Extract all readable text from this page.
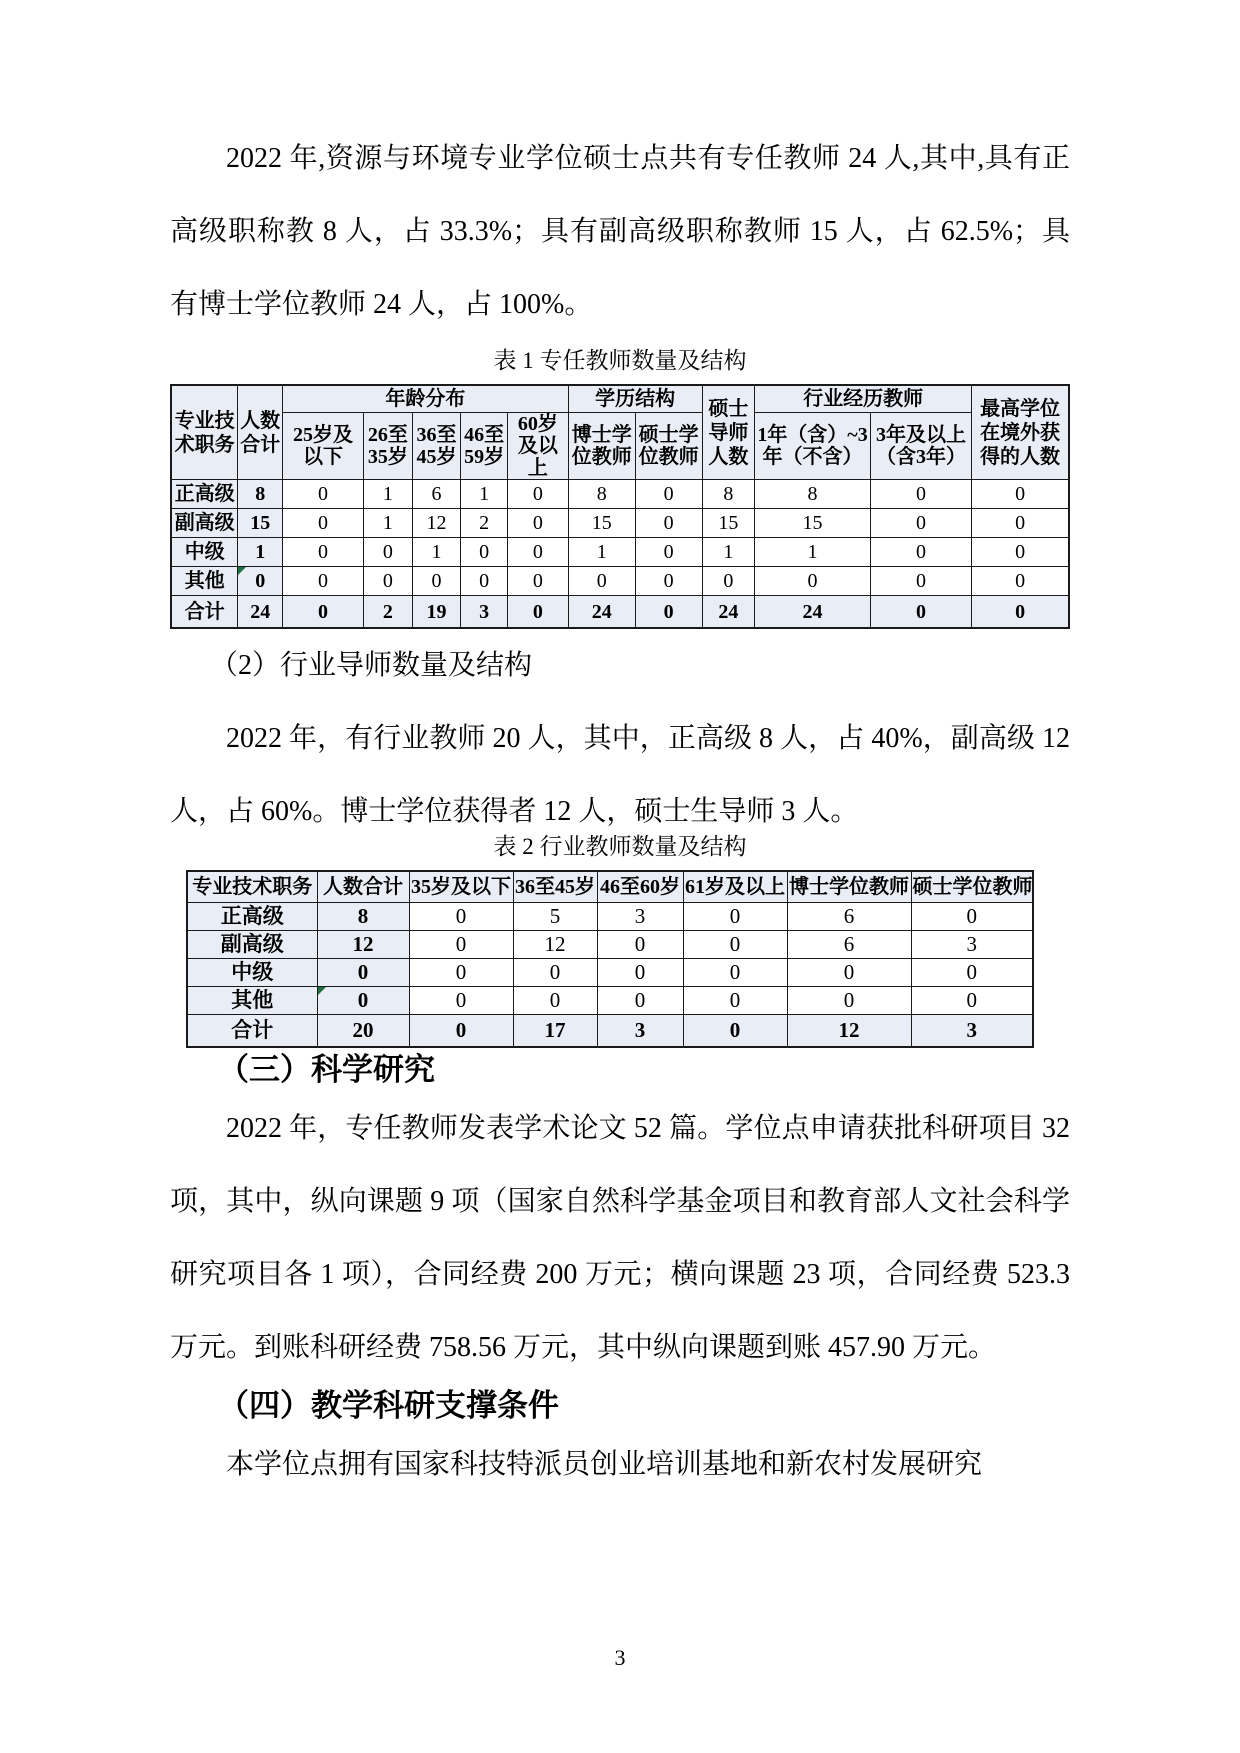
2022 年,资源与环境专业学位硕士点共有专任教师 24 人,其中,具有正高级职称教 8 人，占 33.3%；具有副高级职称教师 15 人，占 62.5%；具有博士学位教师 24 人，占 100%。

表 1 专任教师数量及结构
专业技术职务	人数合计	年龄分布					学历结构		硕士导师人数	行业经历教师		最高学位在境外获得的人数
		25岁及以下	26至35岁	36至45岁	46至59岁	60岁及以上	博士学位教师	硕士学位教师		1年（含）~3年（不含）	3年及以上（含3年）	
正高级	8	0	1	6	1	0	8	0	8	8	0	0
副高级	15	0	1	12	2	0	15	0	15	15	0	0
中级	1	0	0	1	0	0	1	0	1	1	0	0
其他	0	0	0	0	0	0	0	0	0	0	0	0
合计	24	0	2	19	3	0	24	0	24	24	0	0

（2）行业导师数量及结构

2022 年，有行业教师 20 人，其中，正高级 8 人，占 40%，副高级 12 人，占 60%。博士学位获得者 12 人，硕士生导师 3 人。

表 2 行业教师数量及结构
专业技术职务	人数合计	35岁及以下	36至45岁	46至60岁	61岁及以上	博士学位教师	硕士学位教师
正高级	8	0	5	3	0	6	0
副高级	12	0	12	0	0	6	3
中级	0	0	0	0	0	0	0
其他	0	0	0	0	0	0	0
合计	20	0	17	3	0	12	3
（三）科学研究

2022 年，专任教师发表学术论文 52 篇。学位点申请获批科研项目 32 项，其中，纵向课题 9 项（国家自然科学基金项目和教育部人文社会科学研究项目各 1 项），合同经费 200 万元；横向课题 23 项，合同经费 523.3 万元。到账科研经费 758.56 万元，其中纵向课题到账 457.90 万元。

（四）教学科研支撑条件

本学位点拥有国家科技特派员创业培训基地和新农村发展研究

3
